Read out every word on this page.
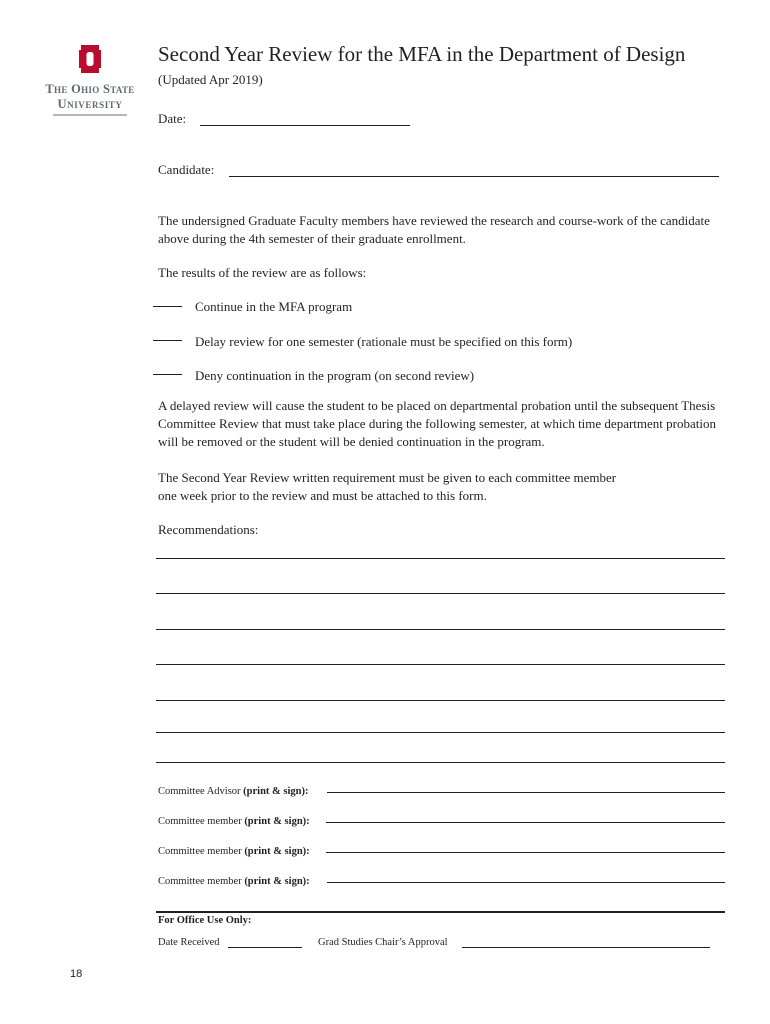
The Ohio State
University
Second Year Review for the MFA in the Department of Design
(Updated Apr 2019)
Date:
Candidate:
The undersigned Graduate Faculty members have reviewed the research and course-work of the candidate above during the 4th semester of their graduate enrollment.
The results of the review are as follows:
Continue in the MFA program
Delay review for one semester (rationale must be specified on this form)
Deny continuation in the program (on second review)
A delayed review will cause the student to be placed on departmental probation until the subsequent Thesis Committee Review that must take place during the following semester, at which time department probation will be removed or the student will be denied continuation in the program.
The Second Year Review written requirement must be given to each committee member
one week prior to the review and must be attached to this form.
Recommendations:
Committee Advisor (print & sign):
Committee member (print & sign):
Committee member (print & sign):
Committee member (print & sign):
For Office Use Only:
Date Received	Grad Studies Chair’s Approval
18
